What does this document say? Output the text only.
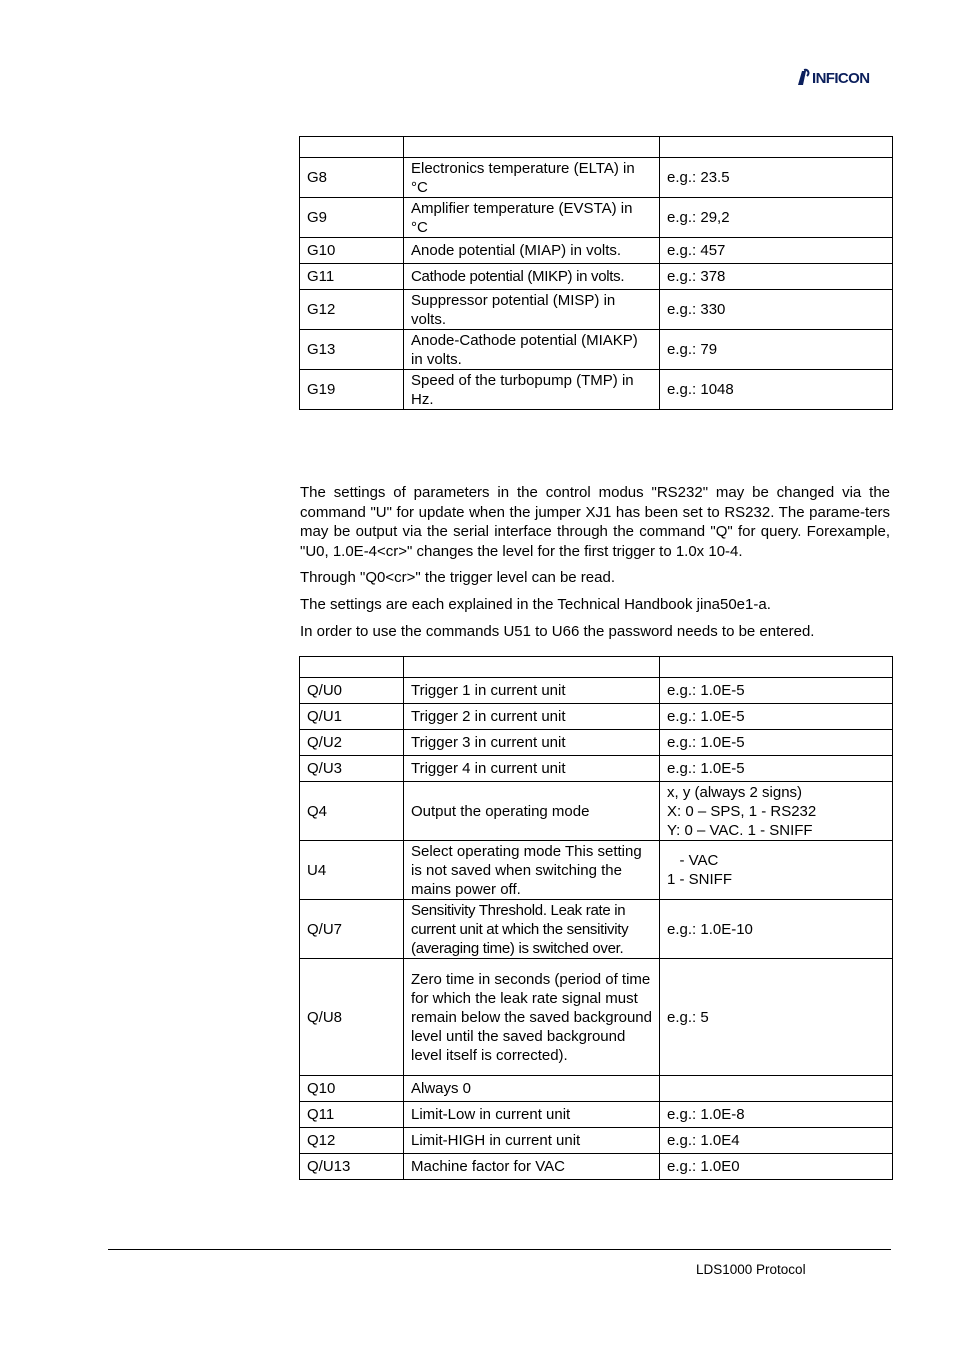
INFICON

G8	Electronics temperature (ELTA) in °C	e.g.: 23.5
G9	Amplifier temperature (EVSTA) in °C	e.g.: 29,2
G10	Anode potential (MIAP) in volts.	e.g.: 457
G11	Cathode potential (MIKP) in volts.	e.g.: 378
G12	Suppressor potential (MISP) in volts.	e.g.: 330
G13	Anode-Cathode potential (MIAKP) in volts.	e.g.: 79
G19	Speed of the turbopump (TMP) in Hz.	e.g.: 1048

The settings of parameters in the control modus "RS232" may be changed via the command "U" for update when the jumper XJ1 has been set to RS232. The parame-ters may be output via the serial interface through the command "Q" for query. Forexample, "U0, 1.0E-4<cr>" changes the level for the first trigger to 1.0x 10-4.

Through "Q0<cr>" the trigger level can be read.

The settings are each explained in the Technical Handbook jina50e1-a.

In order to use the commands U51 to U66 the password needs to be entered.

Q/U0	Trigger 1 in current unit	e.g.: 1.0E-5
Q/U1	Trigger 2 in current unit	e.g.: 1.0E-5
Q/U2	Trigger 3 in current unit	e.g.: 1.0E-5
Q/U3	Trigger 4 in current unit	e.g.: 1.0E-5
Q4	Output the operating mode	x, y (always 2 signs)
X: 0 – SPS, 1 - RS232
Y: 0 – VAC. 1 - SNIFF
U4	Select operating mode This setting is not saved when switching the mains power off.	- VAC
1 - SNIFF
Q/U7	Sensitivity Threshold. Leak rate in current unit at which the sensitivity (averaging time) is switched over.	e.g.: 1.0E-10
Q/U8	Zero time in seconds (period of time for which the leak rate signal must remain below the saved background level until the saved background level itself is corrected).	e.g.: 5
Q10	Always 0	
Q11	Limit-Low in current unit	e.g.: 1.0E-8
Q12	Limit-HIGH in current unit	e.g.: 1.0E4
Q/U13	Machine factor for VAC	e.g.: 1.0E0
LDS1000 Protocol
